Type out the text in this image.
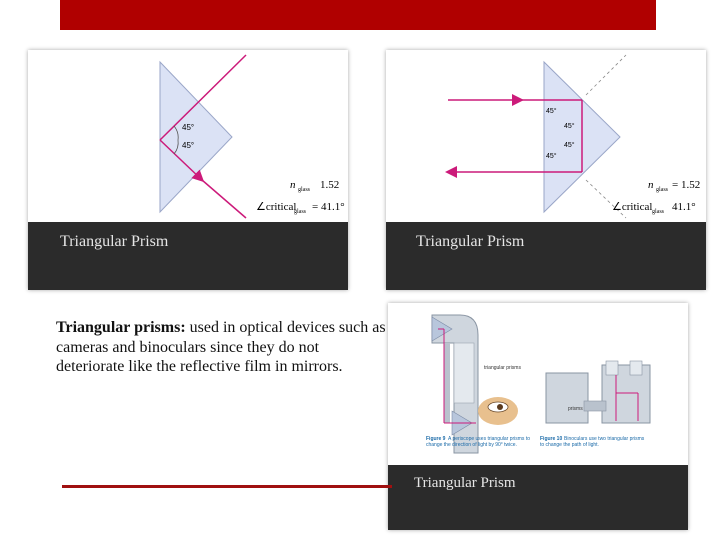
45°
45°
n glass 1.52
∠critical
glass = 41.1°
Triangular Prism
45°
45°
45°
45°
n glass = 1.52
∠critical glass 41.1°
Triangular Prism
triangular prisms
prisms
Figure 9 A periscope uses triangular prisms to
change the direction of light by 90° twice.
Figure 10 Binoculars use two triangular prisms
to change the path of light.
Triangular Prism
Triangular prisms: used in optical devices such as cameras and binoculars since they do not deteriorate like the reflective film in mirrors.
